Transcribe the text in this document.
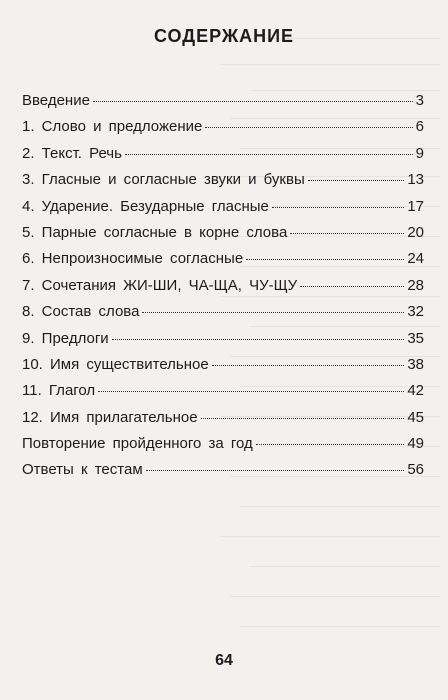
СОДЕРЖАНИЕ
Введение	3
1. Слово и предложение	6
2. Текст. Речь	9
3. Гласные и согласные звуки и буквы	13
4. Ударение. Безударные гласные	17
5. Парные согласные в корне слова	20
6. Непроизносимые согласные	24
7. Сочетания ЖИ-ШИ, ЧА-ЩА, ЧУ-ЩУ	28
8. Состав слова	32
9. Предлоги	35
10. Имя существительное	38
11. Глагол	42
12. Имя прилагательное	45
Повторение пройденного за год	49
Ответы к тестам	56
64
